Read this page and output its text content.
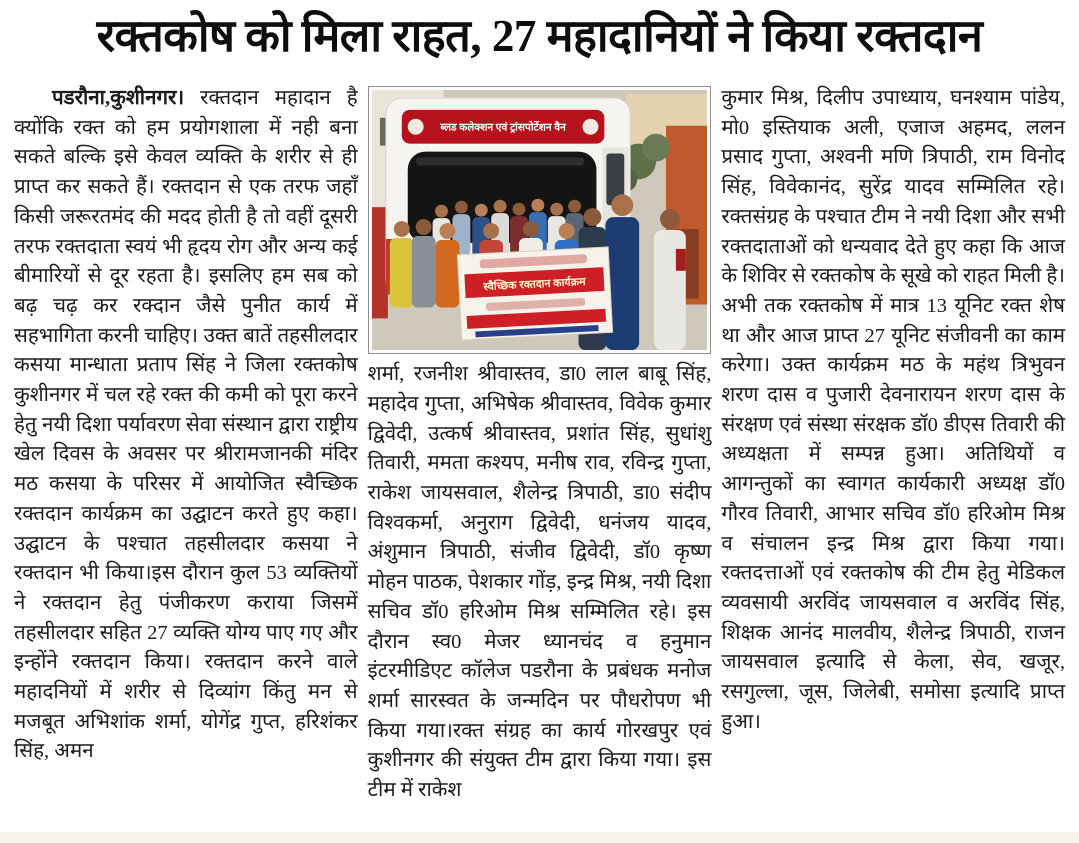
रक्तकोष को मिला राहत, 27 महादानियों ने किया रक्तदान

पडरौना,कुशीनगर। रक्तदान महादान है क्योंकि रक्त को हम प्रयोगशाला में नही बना सकते बल्कि इसे केवल व्यक्ति के शरीर से ही प्राप्त कर सकते हैं। रक्तदान से एक तरफ जहाँ किसी जरूरतमंद की मदद होती है तो वहीं दूसरी तरफ रक्तदाता स्वयं भी हृदय रोग और अन्य कई बीमारियों से दूर रहता है। इसलिए हम सब को बढ़ चढ़ कर रक्दान जैसे पुनीत कार्य में सहभागिता करनी चाहिए। उक्त बातें तहसीलदार कसया मान्धाता प्रताप सिंह ने जिला रक्तकोष कुशीनगर में चल रहे रक्त की कमी को पूरा करने हेतु नयी दिशा पर्यावरण सेवा संस्थान द्वारा राष्ट्रीय खेल दिवस के अवसर पर श्रीरामजानकी मंदिर मठ कसया के परिसर में आयोजित स्वैच्छिक रक्तदान कार्यक्रम का उद्घाटन करते हुए कहा। उद्घाटन के पश्चात तहसीलदार कसया ने रक्तदान भी किया।इस दौरान कुल 53 व्यक्तियों ने रक्तदान हेतु पंजीकरण कराया जिसमें तहसीलदार सहित 27 व्यक्ति योग्य पाए गए और इन्होंने रक्तदान किया। रक्तदान करने वाले महादनियों में शरीर से दिव्यांग किंतु मन से मजबूत अभिशांक शर्मा, योगेंद्र गुप्त, हरिशंकर सिंह, अमन

ब्लड कलेक्शन एवं ट्रांसपोर्टेशन वैन
स्वैच्छिक रक्तदान कार्यक्रम

शर्मा, रजनीश श्रीवास्तव, डा0 लाल बाबू सिंह, महादेव गुप्ता, अभिषेक श्रीवास्तव, विवेक कुमार द्विवेदी, उत्कर्ष श्रीवास्तव, प्रशांत सिंह, सुधांशु तिवारी, ममता कश्यप, मनीष राव, रविन्द्र गुप्ता, राकेश जायसवाल, शैलेन्द्र त्रिपाठी, डा0 संदीप विश्वकर्मा, अनुराग द्विवेदी, धनंजय यादव, अंशुमान त्रिपाठी, संजीव द्विवेदी, डॉ0 कृष्ण मोहन पाठक, पेशकार गोंड़, इन्द्र मिश्र, नयी दिशा सचिव डॉ0 हरिओम मिश्र सम्मिलित रहे। इस दौरान स्व0 मेजर ध्यानचंद व हनुमान इंटरमीडिएट कॉलेज पडरौना के प्रबंधक मनोज शर्मा सारस्वत के जन्मदिन पर पौधरोपण भी किया गया।रक्त संग्रह का कार्य गोरखपुर एवं कुशीनगर की संयुक्त टीम द्वारा किया गया। इस टीम में राकेश

कुमार मिश्र, दिलीप उपाध्याय, घनश्याम पांडेय, मो0 इस्तियाक अली, एजाज अहमद, ललन प्रसाद गुप्ता, अश्वनी मणि त्रिपाठी, राम विनोद सिंह, विवेकानंद, सुरेंद्र यादव सम्मिलित रहे। रक्तसंग्रह के पश्चात टीम ने नयी दिशा और सभी रक्तदाताओं को धन्यवाद देते हुए कहा कि आज के शिविर से रक्तकोष के सूखे को राहत मिली है। अभी तक रक्तकोष में मात्र 13 यूनिट रक्त शेष था और आज प्राप्त 27 यूनिट संजीवनी का काम करेगा। उक्त कार्यक्रम मठ के महंथ त्रिभुवन शरण दास व पुजारी देवनारायन शरण दास के संरक्षण एवं संस्था संरक्षक डॉ0 डीएस तिवारी की अध्यक्षता में सम्पन्न हुआ। अतिथियों व आगन्तुकों का स्वागत कार्यकारी अध्यक्ष डॉ0 गौरव तिवारी, आभार सचिव डॉ0 हरिओम मिश्र व संचालन इन्द्र मिश्र द्वारा किया गया। रक्तदत्ताओं एवं रक्तकोष की टीम हेतु मेडिकल व्यवसायी अरविंद जायसवाल व अरविंद सिंह, शिक्षक आनंद मालवीय, शैलेन्द्र त्रिपाठी, राजन जायसवाल इत्यादि से केला, सेव, खजूर, रसगुल्ला, जूस, जिलेबी, समोसा इत्यादि प्राप्त हुआ।
